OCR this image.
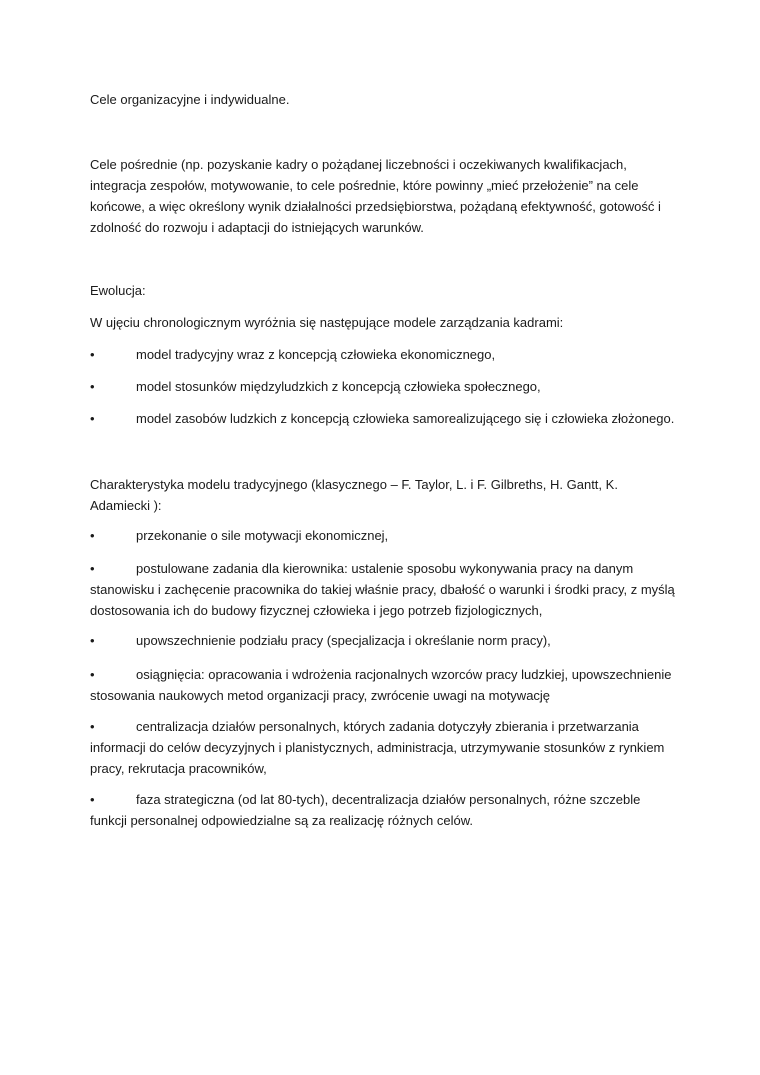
Cele organizacyjne i indywidualne.
Cele pośrednie (np. pozyskanie kadry o pożądanej liczebności i oczekiwanych kwalifikacjach,
integracja zespołów, motywowanie, to cele pośrednie, które powinny „mieć przełożenie” na cele
końcowe, a więc określony wynik działalności przedsiębiorstwa, pożądaną efektywność, gotowość i
zdolność do rozwoju i adaptacji do istniejących warunków.
Ewolucja:
W ujęciu chronologicznym wyróżnia się następujące modele zarządzania kadrami:
•	model tradycyjny wraz z koncepcją człowieka ekonomicznego,
•	model stosunków międzyludzkich z koncepcją człowieka społecznego,
•	model zasobów ludzkich z koncepcją człowieka samorealizującego się i człowieka złożonego.
Charakterystyka modelu tradycyjnego (klasycznego – F. Taylor, L. i F. Gilbreths, H. Gantt, K.
Adamiecki ):
•	przekonanie o sile motywacji ekonomicznej,
•	postulowane zadania dla kierownika: ustalenie sposobu wykonywania pracy na danym
stanowisku i zachęcenie pracownika do takiej właśnie pracy, dbałość o warunki i środki pracy, z myślą
dostosowania ich do budowy fizycznej człowieka i jego potrzeb fizjologicznych,
•	upowszechnienie podziału pracy (specjalizacja i określanie norm pracy),
•	osiągnięcia: opracowania i wdrożenia racjonalnych wzorców pracy ludzkiej, upowszechnienie
stosowania naukowych metod organizacji pracy, zwrócenie uwagi na motywację
•	centralizacja działów personalnych, których zadania dotyczyły zbierania i przetwarzania
informacji do celów decyzyjnych i planistycznych, administracja, utrzymywanie stosunków z rynkiem
pracy, rekrutacja pracowników,
•	faza strategiczna (od lat 80-tych), decentralizacja działów personalnych, różne szczeble
funkcji personalnej odpowiedzialne są za realizację różnych celów.
